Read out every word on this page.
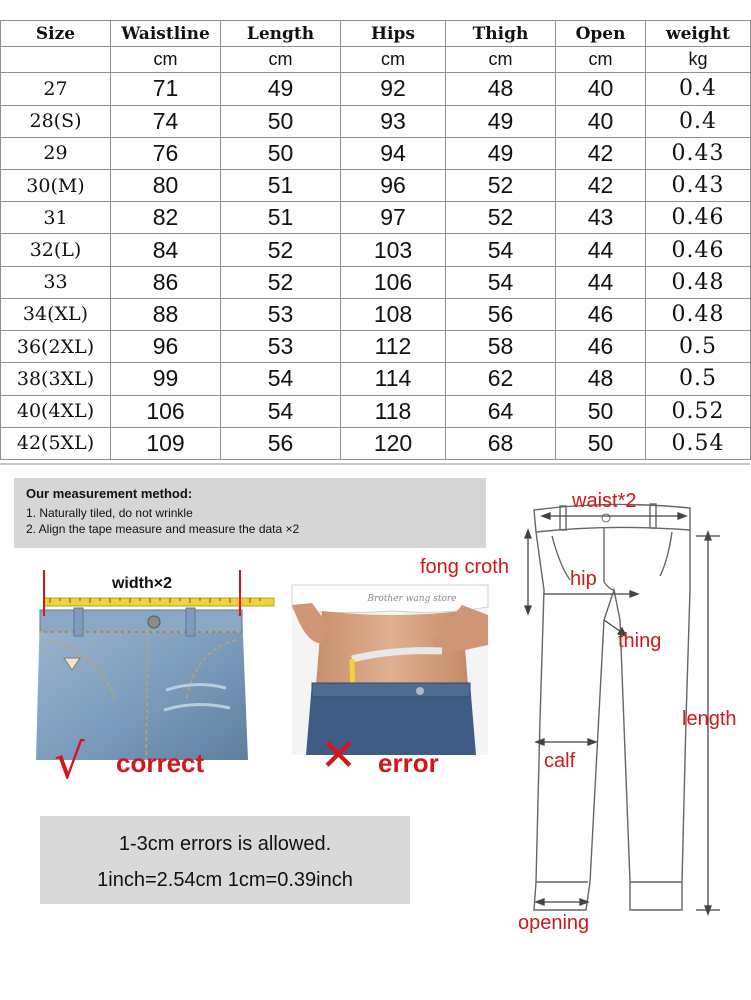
Size	Waistline	Length	Hips	Thigh	Open	weight
	cm	cm	cm	cm	cm	kg
27	71	49	92	48	40	0.4
28(S)	74	50	93	49	40	0.4
29	76	50	94	49	42	0.43
30(M)	80	51	96	52	42	0.43
31	82	51	97	52	43	0.46
32(L)	84	52	103	54	44	0.46
33	86	52	106	54	44	0.48
34(XL)	88	53	108	56	46	0.48
36(2XL)	96	53	112	58	46	0.5
38(3XL)	99	54	114	62	48	0.5
40(4XL)	106	54	118	64	50	0.52
42(5XL)	109	56	120	68	50	0.54
Our measurement method:
1. Naturally tiled, do not wrinkle
2. Align the tape measure and measure the data ×2
width×2
Brother wang store
√ correct	✕ error
1-3cm errors is allowed.
1inch=2.54cm 1cm=0.39inch
waist*2
fong croth
hip
thing
length
calf
opening
